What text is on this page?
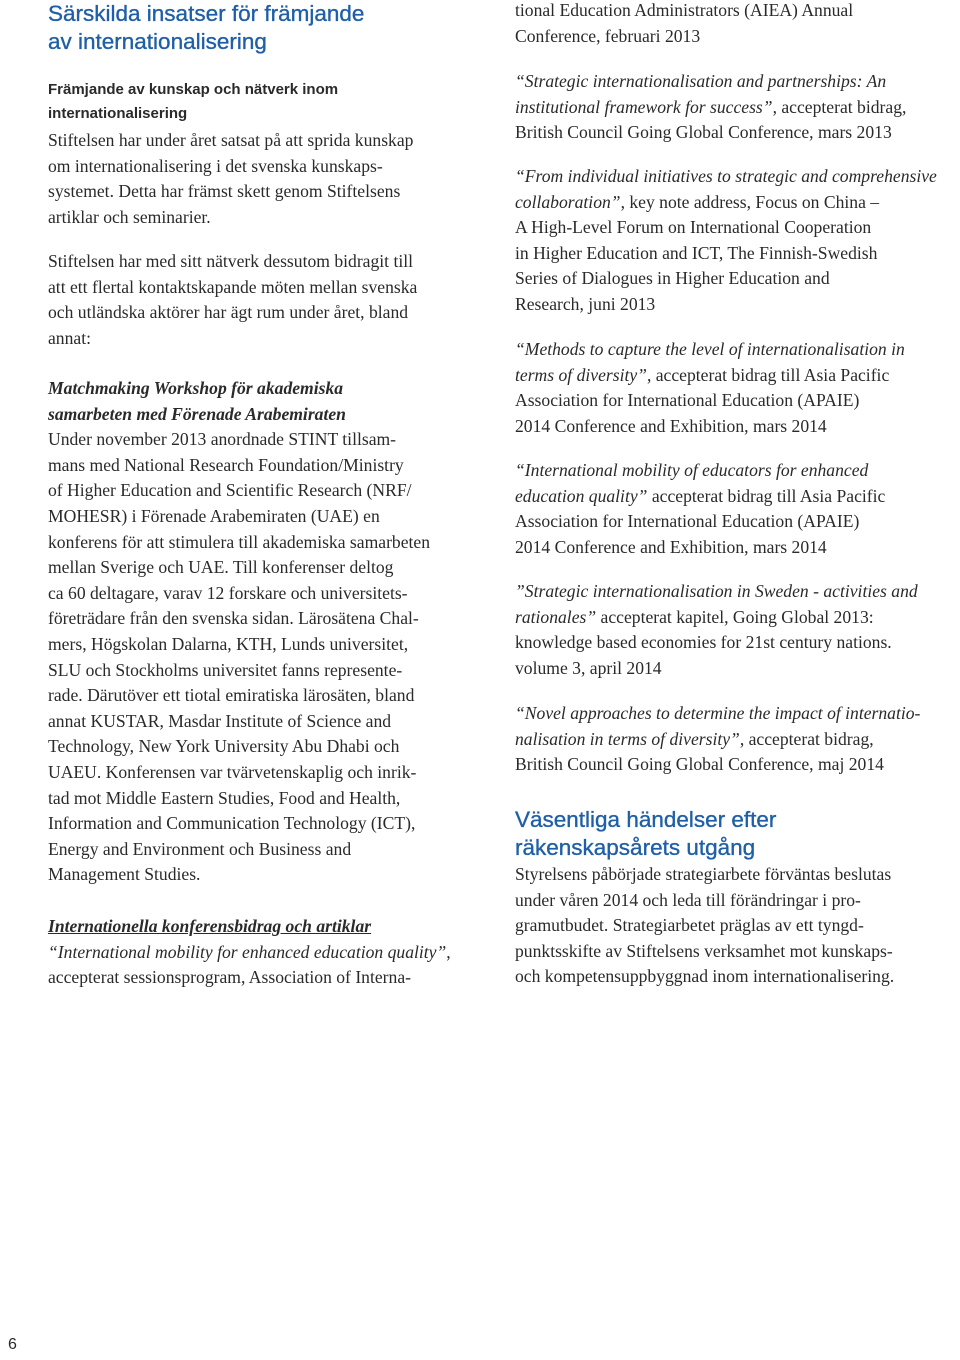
Särskilda insatser för främjande
av internationalisering
Främjande av kunskap och nätverk inom
internationalisering

Stiftelsen har under året satsat på att sprida kunskap

om internationalisering i det svenska kunskaps-

systemet. Detta har främst skett genom Stiftelsens

artiklar och seminarier.

Stiftelsen har med sitt nätverk dessutom bidragit till

att ett flertal kontaktskapande möten mellan svenska

och utländska aktörer har ägt rum under året, bland

annat:

Matchmaking Workshop för akademiska

samarbeten med Förenade Arabemiraten

Under november 2013 anordnade STINT tillsam-

mans med National Research Foundation/Ministry

of Higher Education and Scientific Research (NRF/

MOHESR) i Förenade Arabemiraten (UAE) en

konferens för att stimulera till akademiska samarbeten

mellan Sverige och UAE. Till konferenser deltog

ca 60 deltagare, varav 12 forskare och universitets-

företrädare från den svenska sidan. Lärosätena Chal-

mers, Högskolan Dalarna, KTH, Lunds universitet,

SLU och Stockholms universitet fanns represente-

rade. Därutöver ett tiotal emiratiska lärosäten, bland

annat KUSTAR, Masdar Institute of Science and

Technology, New York University Abu Dhabi och

UAEU. Konferensen var tvärvetenskaplig och inrik-

tad mot Middle Eastern Studies, Food and Health,

Information and Communication Technology (ICT),

Energy and Environment och Business and

Management Studies.

Internationella konferensbidrag och artiklar

“International mobility for enhanced education quality”,

accepterat sessionsprogram, Association of Interna-

tional Education Administrators (AIEA) Annual

Conference, februari 2013

“Strategic internationalisation and partnerships: An

institutional framework for success”, accepterat bidrag,

British Council Going Global Conference, mars 2013

“From individual initiatives to strategic and comprehensive

collaboration”, key note address, Focus on China –

A High-Level Forum on International Cooperation

in Higher Education and ICT, The Finnish-Swedish

Series of Dialogues in Higher Education and

Research, juni 2013

“Methods to capture the level of internationalisation in

terms of diversity”, accepterat bidrag till Asia Pacific

Association for International Education (APAIE)

2014 Conference and Exhibition, mars 2014

“International mobility of educators for enhanced

education quality” accepterat bidrag till Asia Pacific

Association for International Education (APAIE)

2014 Conference and Exhibition, mars 2014

”Strategic internationalisation in Sweden - activities and

rationales” accepterat kapitel, Going Global 2013:

knowledge based economies for 21st century nations.

volume 3, april 2014

“Novel approaches to determine the impact of internatio-

nalisation in terms of diversity”, accepterat bidrag,

British Council Going Global Conference, maj 2014

Väsentliga händelser efter
räkenskapsårets utgång

Styrelsens påbörjade strategiarbete förväntas beslutas

under våren 2014 och leda till förändringar i pro-

gramutbudet. Strategiarbetet präglas av ett tyngd-

punktsskifte av Stiftelsens verksamhet mot kunskaps-

och kompetensuppbyggnad inom internationalisering.

6
